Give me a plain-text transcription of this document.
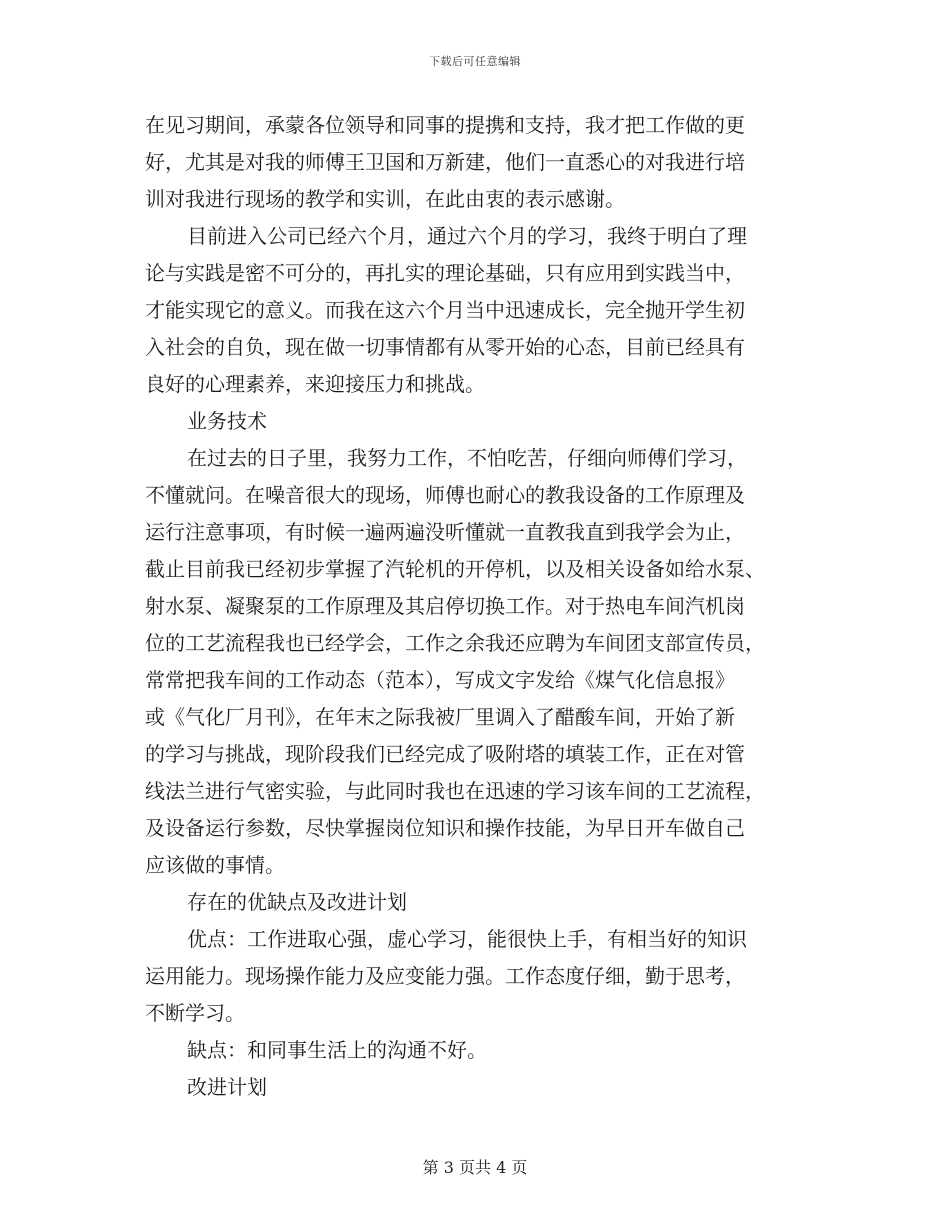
下载后可任意编辑

在见习期间，承蒙各位领导和同事的提携和支持，我才把工作做的更

好，尤其是对我的师傅王卫国和万新建，他们一直悉心的对我进行培

训对我进行现场的教学和实训，在此由衷的表示感谢。

目前进入公司已经六个月，通过六个月的学习，我终于明白了理

论与实践是密不可分的，再扎实的理论基础，只有应用到实践当中，

才能实现它的意义。而我在这六个月当中迅速成长，完全抛开学生初

入社会的自负，现在做一切事情都有从零开始的心态，目前已经具有

良好的心理素养，来迎接压力和挑战。

业务技术

在过去的日子里，我努力工作，不怕吃苦，仔细向师傅们学习，

不懂就问。在噪音很大的现场，师傅也耐心的教我设备的工作原理及

运行注意事项，有时候一遍两遍没听懂就一直教我直到我学会为止，

截止目前我已经初步掌握了汽轮机的开停机，以及相关设备如给水泵、

射水泵、凝聚泵的工作原理及其启停切换工作。对于热电车间汽机岗

位的工艺流程我也已经学会，工作之余我还应聘为车间团支部宣传员，

常常把我车间的工作动态（范本），写成文字发给《煤气化信息报》

或《气化厂月刊》，在年末之际我被厂里调入了醋酸车间，开始了新

的学习与挑战，现阶段我们已经完成了吸附塔的填装工作，正在对管

线法兰进行气密实验，与此同时我也在迅速的学习该车间的工艺流程，

及设备运行参数，尽快掌握岗位知识和操作技能，为早日开车做自己

应该做的事情。

存在的优缺点及改进计划

优点：工作进取心强，虚心学习，能很快上手，有相当好的知识

运用能力。现场操作能力及应变能力强。工作态度仔细，勤于思考，

不断学习。

缺点：和同事生活上的沟通不好。

改进计划

第 3 页共 4 页
